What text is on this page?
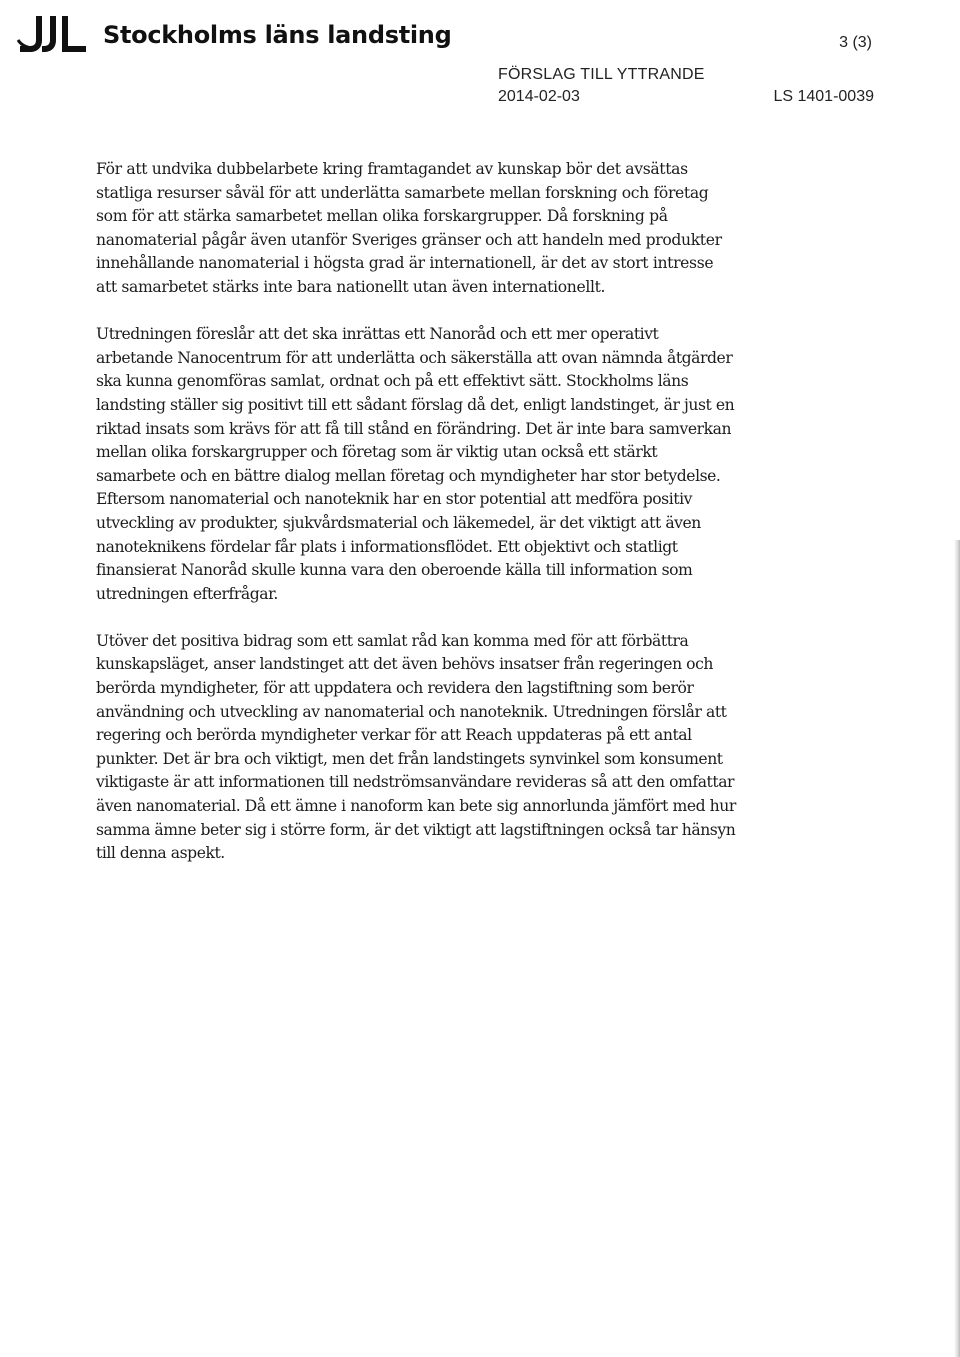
Stockholms läns landsting	3 (3)
FÖRSLAG TILL YTTRANDE
2014-02-03	LS 1401-0039

För att undvika dubbelarbete kring framtagandet av kunskap bör det avsättas statliga resurser såväl för att underlätta samarbete mellan forskning och företag som för att stärka samarbetet mellan olika forskargrupper. Då forskning på nanomaterial pågår även utanför Sveriges gränser och att handeln med produkter innehållande nanomaterial i högsta grad är internationell, är det av stort intresse att samarbetet stärks inte bara nationellt utan även internationellt.

Utredningen föreslår att det ska inrättas ett Nanoråd och ett mer operativt arbetande Nanocentrum för att underlätta och säkerställa att ovan nämnda åtgärder ska kunna genomföras samlat, ordnat och på ett effektivt sätt. Stockholms läns landsting ställer sig positivt till ett sådant förslag då det, enligt landstinget, är just en riktad insats som krävs för att få till stånd en förändring. Det är inte bara samverkan mellan olika forskargrupper och företag som är viktig utan också ett stärkt samarbete och en bättre dialog mellan företag och myndigheter har stor betydelse. Eftersom nanomaterial och nanoteknik har en stor potential att medföra positiv utveckling av produkter, sjukvårdsmaterial och läkemedel, är det viktigt att även nanoteknikens fördelar får plats i informationsflödet. Ett objektivt och statligt finansierat Nanoråd skulle kunna vara den oberoende källa till information som utredningen efterfrågar.

Utöver det positiva bidrag som ett samlat råd kan komma med för att förbättra kunskapsläget, anser landstinget att det även behövs insatser från regeringen och berörda myndigheter, för att uppdatera och revidera den lagstiftning som berör användning och utveckling av nanomaterial och nanoteknik. Utredningen förslår att regering och berörda myndigheter verkar för att Reach uppdateras på ett antal punkter. Det är bra och viktigt, men det från landstingets synvinkel som konsument viktigaste är att informationen till nedströmsanvändare revideras så att den omfattar även nanomaterial. Då ett ämne i nanoform kan bete sig annorlunda jämfört med hur samma ämne beter sig i större form, är det viktigt att lagstiftningen också tar hänsyn till denna aspekt.
